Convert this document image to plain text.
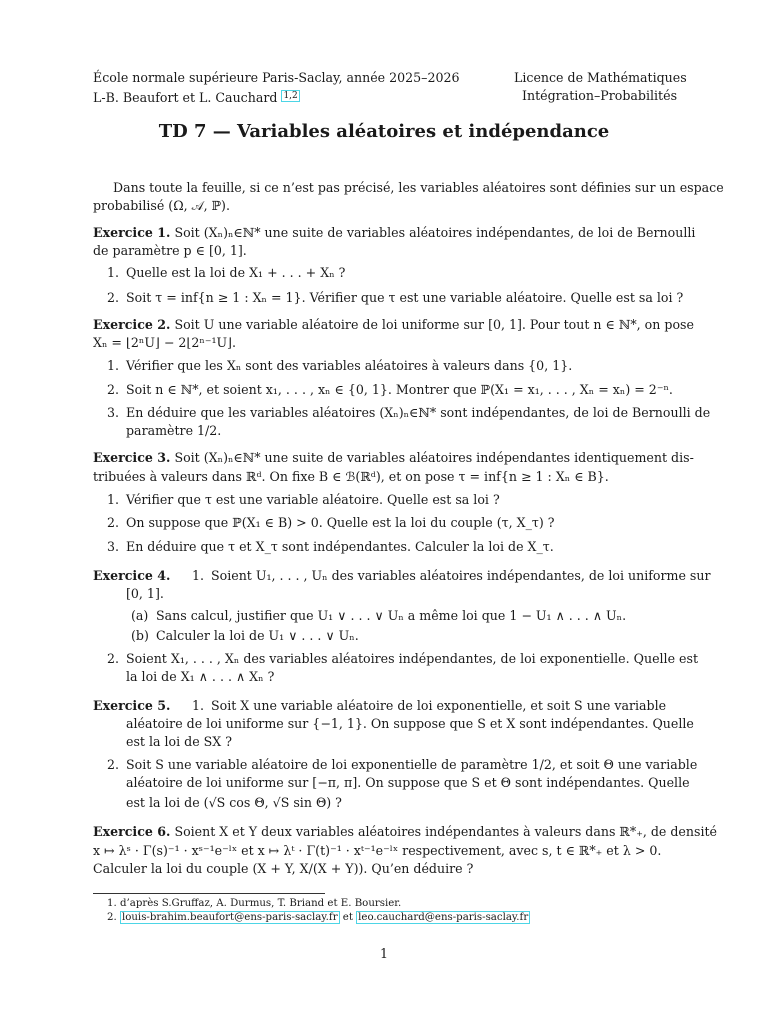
École normale supérieure Paris-Saclay, année 2025–2026
L-B. Beaufort et L. Cauchard $^{1,2}$
Licence de Mathématiques
Intégration–Probabilités
TD 7 — Variables aléatoires et indépendance
Dans toute la feuille, si ce n’est pas précisé, les variables aléatoires sont définies sur un espace
probabilisé (Ω, 𝒜, ℙ).
Exercice 1. Soit (Xₙ)ₙ∈ℕ* une suite de variables aléatoires indépendantes, de loi de Bernoulli
de paramètre p ∈ [0, 1].
1. Quelle est la loi de X₁ + . . . + Xₙ ?
2. Soit τ = inf{n ≥ 1 : Xₙ = 1}. Vérifier que τ est une variable aléatoire. Quelle est sa loi ?
Exercice 2. Soit U une variable aléatoire de loi uniforme sur [0, 1]. Pour tout n ∈ ℕ*, on pose
Xₙ = ⌊2ⁿU⌋ − 2⌊2ⁿ⁻¹U⌋.
1. Vérifier que les Xₙ sont des variables aléatoires à valeurs dans {0, 1}.
2. Soit n ∈ ℕ*, et soient x₁, . . . , xₙ ∈ {0, 1}. Montrer que ℙ(X₁ = x₁, . . . , Xₙ = xₙ) = 2⁻ⁿ.
3. En déduire que les variables aléatoires (Xₙ)ₙ∈ℕ* sont indépendantes, de loi de Bernoulli de
paramètre 1/2.
Exercice 3. Soit (Xₙ)ₙ∈ℕ* une suite de variables aléatoires indépendantes identiquement dis-
tribuées à valeurs dans ℝᵈ. On fixe B ∈ ℬ(ℝᵈ), et on pose τ = inf{n ≥ 1 : Xₙ ∈ B}.
1. Vérifier que τ est une variable aléatoire. Quelle est sa loi ?
2. On suppose que ℙ(X₁ ∈ B) > 0. Quelle est la loi du couple (τ, X_τ) ?
3. En déduire que τ et X_τ sont indépendantes. Calculer la loi de X_τ.
Exercice 4. 1. Soient U₁, . . . , Uₙ des variables aléatoires indépendantes, de loi uniforme sur
[0, 1].
(a) Sans calcul, justifier que U₁ ∨ . . . ∨ Uₙ a même loi que 1 − U₁ ∧ . . . ∧ Uₙ.
(b) Calculer la loi de U₁ ∨ . . . ∨ Uₙ.
2. Soient X₁, . . . , Xₙ des variables aléatoires indépendantes, de loi exponentielle. Quelle est
la loi de X₁ ∧ . . . ∧ Xₙ ?
Exercice 5. 1. Soit X une variable aléatoire de loi exponentielle, et soit S une variable
aléatoire de loi uniforme sur {−1, 1}. On suppose que S et X sont indépendantes. Quelle
est la loi de SX ?
2. Soit S une variable aléatoire de loi exponentielle de paramètre 1/2, et soit Θ une variable
aléatoire de loi uniforme sur [−π, π]. On suppose que S et Θ sont indépendantes. Quelle
est la loi de (√S cos Θ, √S sin Θ) ?
Exercice 6. Soient X et Y deux variables aléatoires indépendantes à valeurs dans ℝ*₊, de densité
x ↦ λˢ · Γ(s)⁻¹ · xˢ⁻¹e⁻ˡˣ et x ↦ λᵗ · Γ(t)⁻¹ · xᵗ⁻¹e⁻ˡˣ respectivement, avec s, t ∈ ℝ*₊ et λ > 0.
Calculer la loi du couple (X + Y, X/(X + Y)). Qu’en déduire ?
1. d’après S.Gruffaz, A. Durmus, T. Briand et E. Boursier.
2. louis-brahim.beaufort@ens-paris-saclay.fr et leo.cauchard@ens-paris-saclay.fr
1
